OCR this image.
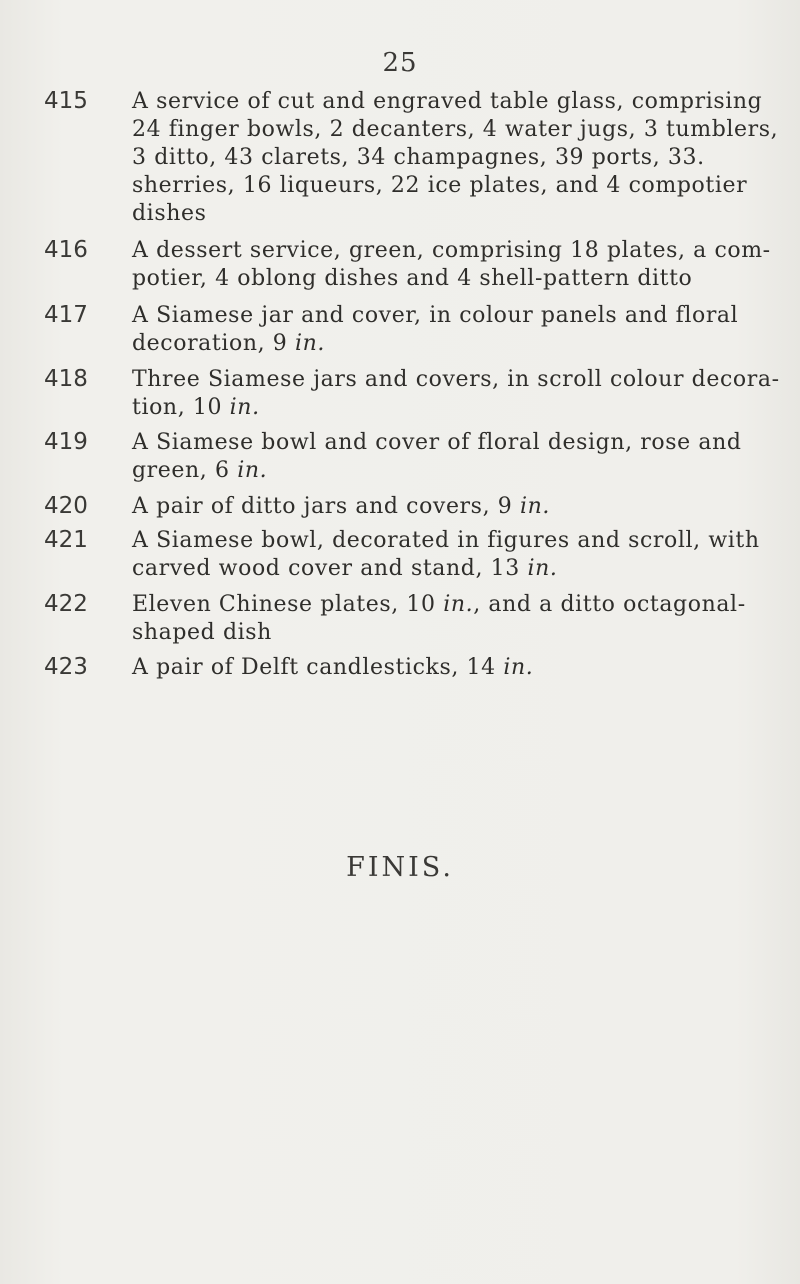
25
415 A service of cut and engraved table glass, comprising
24 finger bowls, 2 decanters, 4 water jugs, 3 tumblers,
3 ditto, 43 clarets, 34 champagnes, 39 ports, 33.
sherries, 16 liqueurs, 22 ice plates, and 4 compotier
dishes
416 A dessert service, green, comprising 18 plates, a com-
potier, 4 oblong dishes and 4 shell-pattern ditto
417 A Siamese jar and cover, in colour panels and floral
decoration, 9 in.
418 Three Siamese jars and covers, in scroll colour decora-
tion, 10 in.
419 A Siamese bowl and cover of floral design, rose and
green, 6 in.
420 A pair of ditto jars and covers, 9 in.
421 A Siamese bowl, decorated in figures and scroll, with
carved wood cover and stand, 13 in.
422 Eleven Chinese plates, 10 in., and a ditto octagonal-
shaped dish
423 A pair of Delft candlesticks, 14 in.
FINIS.
